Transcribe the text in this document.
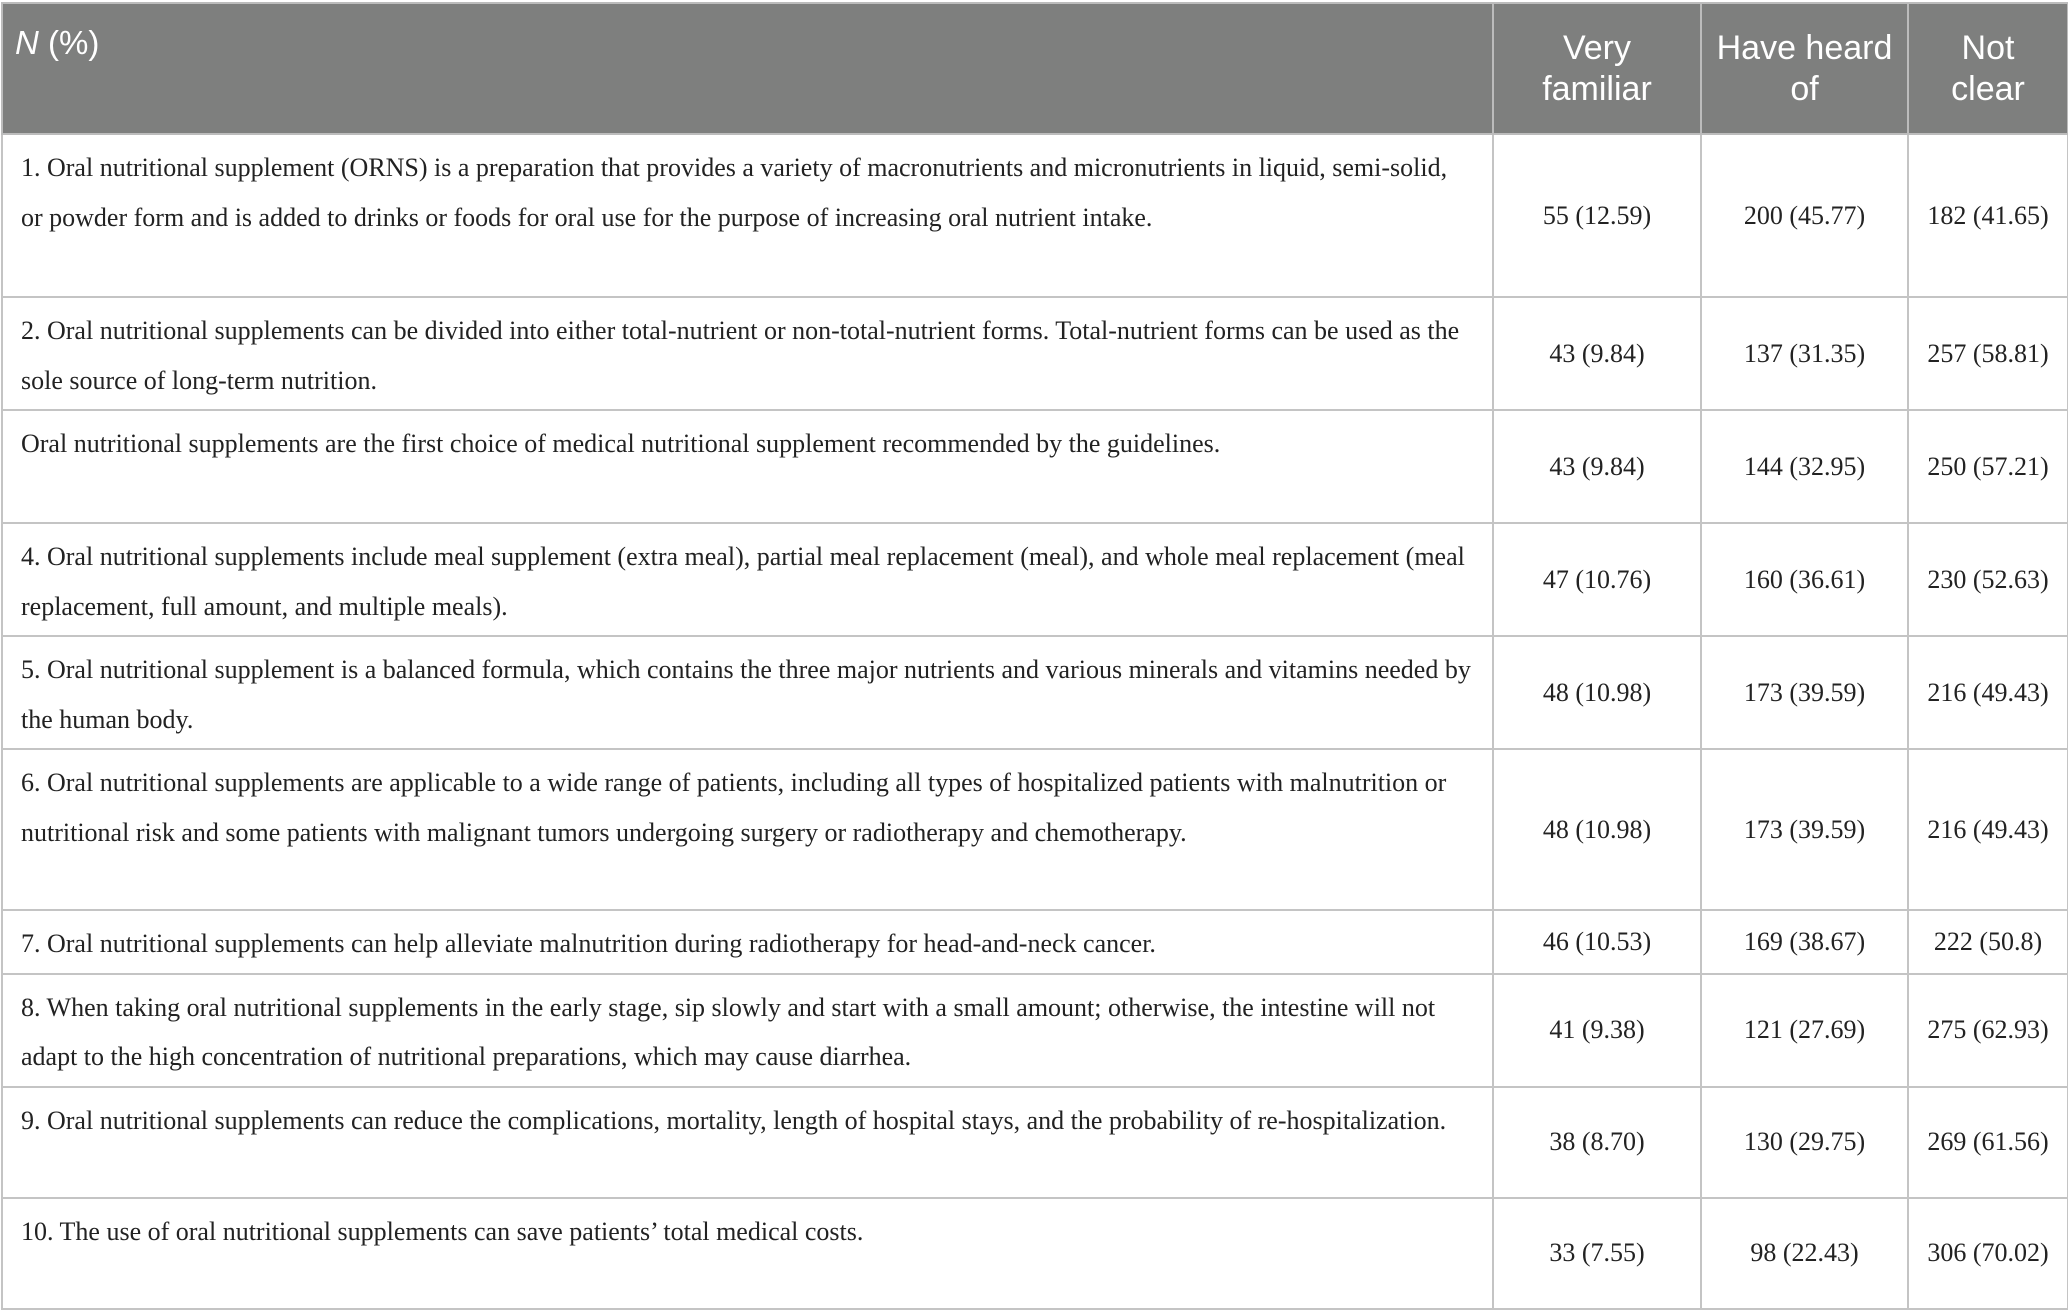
N (%)	Very familiar	Have heard of	Not clear
1. Oral nutritional supplement (ORNS) is a preparation that provides a variety of macronutrients and micronutrients in liquid, semi-solid, or powder form and is added to drinks or foods for oral use for the purpose of increasing oral nutrient intake.	55 (12.59)	200 (45.77)	182 (41.65)
2. Oral nutritional supplements can be divided into either total-nutrient or non-total-nutrient forms. Total-nutrient forms can be used as the sole source of long-term nutrition.	43 (9.84)	137 (31.35)	257 (58.81)
Oral nutritional supplements are the first choice of medical nutritional supplement recommended by the guidelines.	43 (9.84)	144 (32.95)	250 (57.21)
4. Oral nutritional supplements include meal supplement (extra meal), partial meal replacement (meal), and whole meal replacement (meal replacement, full amount, and multiple meals).	47 (10.76)	160 (36.61)	230 (52.63)
5. Oral nutritional supplement is a balanced formula, which contains the three major nutrients and various minerals and vitamins needed by the human body.	48 (10.98)	173 (39.59)	216 (49.43)
6. Oral nutritional supplements are applicable to a wide range of patients, including all types of hospitalized patients with malnutrition or nutritional risk and some patients with malignant tumors undergoing surgery or radiotherapy and chemotherapy.	48 (10.98)	173 (39.59)	216 (49.43)
7. Oral nutritional supplements can help alleviate malnutrition during radiotherapy for head-and-neck cancer.	46 (10.53)	169 (38.67)	222 (50.8)
8. When taking oral nutritional supplements in the early stage, sip slowly and start with a small amount; otherwise, the intestine will not adapt to the high concentration of nutritional preparations, which may cause diarrhea.	41 (9.38)	121 (27.69)	275 (62.93)
9. Oral nutritional supplements can reduce the complications, mortality, length of hospital stays, and the probability of re-hospitalization.	38 (8.70)	130 (29.75)	269 (61.56)
10. The use of oral nutritional supplements can save patients’ total medical costs.	33 (7.55)	98 (22.43)	306 (70.02)
